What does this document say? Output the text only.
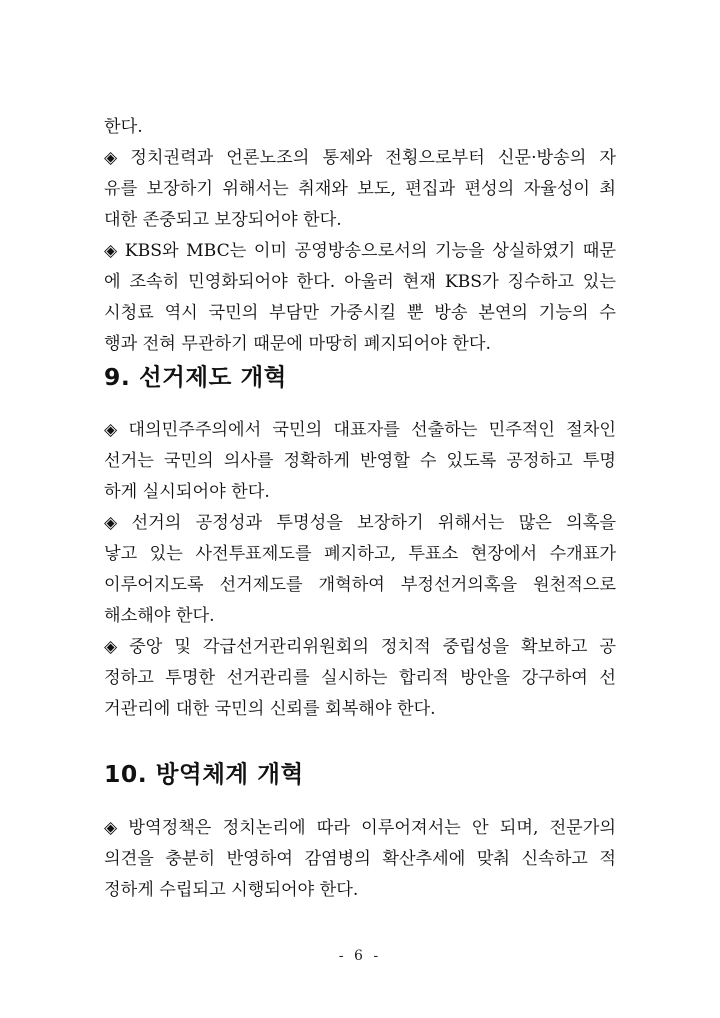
한다.
◈ 정치권력과 언론노조의 통제와 전횡으로부터 신문·방송의 자
유를 보장하기 위해서는 취재와 보도, 편집과 편성의 자율성이 최
대한 존중되고 보장되어야 한다.
◈ KBS와 MBC는 이미 공영방송으로서의 기능을 상실하였기 때문
에 조속히 민영화되어야 한다. 아울러 현재 KBS가 징수하고 있는
시청료 역시 국민의 부담만 가중시킬 뿐 방송 본연의 기능의 수
행과 전혀 무관하기 때문에 마땅히 폐지되어야 한다.
9. 선거제도 개혁
◈ 대의민주주의에서 국민의 대표자를 선출하는 민주적인 절차인
선거는 국민의 의사를 정확하게 반영할 수 있도록 공정하고 투명
하게 실시되어야 한다.
◈ 선거의 공정성과 투명성을 보장하기 위해서는 많은 의혹을
낳고 있는 사전투표제도를 폐지하고, 투표소 현장에서 수개표가
이루어지도록 선거제도를 개혁하여 부정선거의혹을 원천적으로
해소해야 한다.
◈ 중앙 및 각급선거관리위원회의 정치적 중립성을 확보하고 공
정하고 투명한 선거관리를 실시하는 합리적 방안을 강구하여 선
거관리에 대한 국민의 신뢰를 회복해야 한다.
10. 방역체계 개혁
◈ 방역정책은 정치논리에 따라 이루어져서는 안 되며, 전문가의
의견을 충분히 반영하여 감염병의 확산추세에 맞춰 신속하고 적
정하게 수립되고 시행되어야 한다.
- 6 -
